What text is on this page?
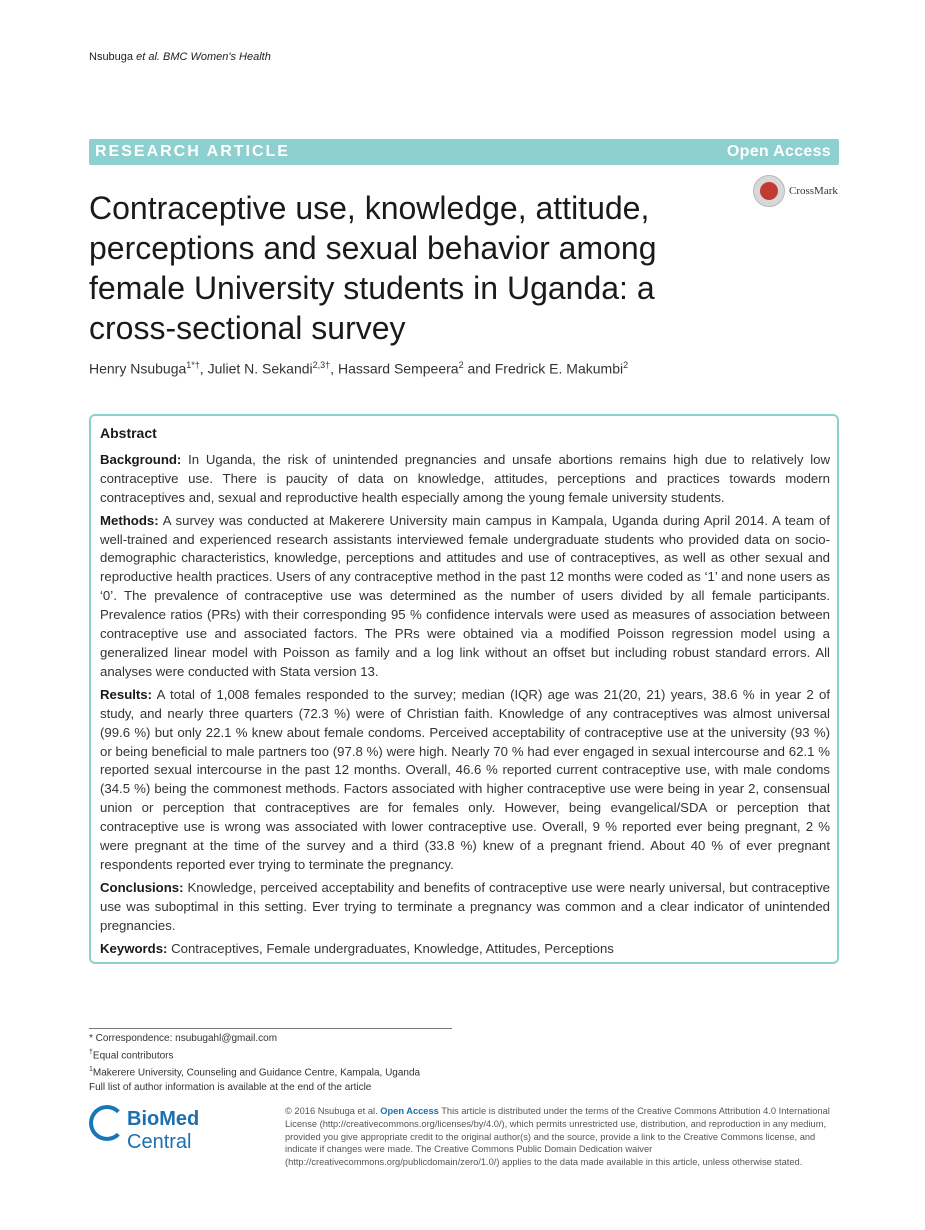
Nsubuga et al. BMC Women's Health
RESEARCH ARTICLE	Open Access
Contraceptive use, knowledge, attitude, perceptions and sexual behavior among female University students in Uganda: a cross-sectional survey
CrossMark
Henry Nsubuga$^{1*\dagger}$, Juliet N. Sekandi$^{2,3\dagger}$, Hassard Sempeera$^2$ and Fredrick E. Makumbi$^2$
Abstract

Background: In Uganda, the risk of unintended pregnancies and unsafe abortions remains high due to relatively low contraceptive use. There is paucity of data on knowledge, attitudes, perceptions and practices towards modern contraceptives and, sexual and reproductive health especially among the young female university students.

Methods: A survey was conducted at Makerere University main campus in Kampala, Uganda during April 2014. A team of well-trained and experienced research assistants interviewed female undergraduate students who provided data on socio-demographic characteristics, knowledge, perceptions and attitudes and use of contraceptives, as well as other sexual and reproductive health practices. Users of any contraceptive method in the past 12 months were coded as ‘1’ and none users as ‘0’. The prevalence of contraceptive use was determined as the number of users divided by all female participants. Prevalence ratios (PRs) with their corresponding 95 % confidence intervals were used as measures of association between contraceptive use and associated factors. The PRs were obtained via a modified Poisson regression model using a generalized linear model with Poisson as family and a log link without an offset but including robust standard errors. All analyses were conducted with Stata version 13.

Results: A total of 1,008 females responded to the survey; median (IQR) age was 21(20, 21) years, 38.6 % in year 2 of study, and nearly three quarters (72.3 %) were of Christian faith. Knowledge of any contraceptives was almost universal (99.6 %) but only 22.1 % knew about female condoms. Perceived acceptability of contraceptive use at the university (93 %) or being beneficial to male partners too (97.8 %) were high. Nearly 70 % had ever engaged in sexual intercourse and 62.1 % reported sexual intercourse in the past 12 months. Overall, 46.6 % reported current contraceptive use, with male condoms (34.5 %) being the commonest methods. Factors associated with higher contraceptive use were being in year 2, consensual union or perception that contraceptives are for females only. However, being evangelical/SDA or perception that contraceptive use is wrong was associated with lower contraceptive use. Overall, 9 % reported ever being pregnant, 2 % were pregnant at the time of the survey and a third (33.8 %) knew of a pregnant friend. About 40 % of ever pregnant respondents reported ever trying to terminate the pregnancy.

Conclusions: Knowledge, perceived acceptability and benefits of contraceptive use were nearly universal, but contraceptive use was suboptimal in this setting. Ever trying to terminate a pregnancy was common and a clear indicator of unintended pregnancies.

Keywords: Contraceptives, Female undergraduates, Knowledge, Attitudes, Perceptions

* Correspondence: nsubugahl@gmail.com
†Equal contributors
$^1$Makerere University, Counseling and Guidance Centre, Kampala, Uganda
Full list of author information is available at the end of the article
BioMed Central
© 2016 Nsubuga et al. Open Access This article is distributed under the terms of the Creative Commons Attribution 4.0 International License (http://creativecommons.org/licenses/by/4.0/), which permits unrestricted use, distribution, and reproduction in any medium, provided you give appropriate credit to the original author(s) and the source, provide a link to the Creative Commons license, and indicate if changes were made. The Creative Commons Public Domain Dedication waiver (http://creativecommons.org/publicdomain/zero/1.0/) applies to the data made available in this article, unless otherwise stated.
